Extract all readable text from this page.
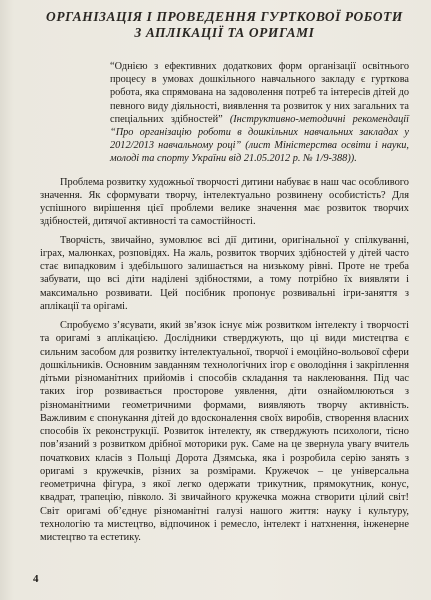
ОРГАНІЗАЦІЯ І ПРОВЕДЕННЯ ГУРТКОВОЇ РОБОТИ
З АПЛІКАЦІЇ ТА ОРИГАМІ
“Однією з ефективних додаткових форм організації освітнього процесу в умовах дошкільного навчального закладу є гурткова робота, яка спрямована на задоволення потреб та інтересів дітей до певного виду діяльності, виявлення та розвиток у них загальних та спеціальних здібностей” (Інструктивно-методичні рекомендації “Про організацію роботи в дошкільних навчальних закладах у 2012/2013 навчальному році” (лист Міністерства освіти і науки, молоді та спорту України від 21.05.2012 р. № 1/9-388)).

Проблема розвитку художньої творчості дитини набуває в наш час особливого значення. Як сформувати творчу, інтелектуально розвинену особистість? Для успішного вирішення цієї проблеми велике значення має розвиток творчих здібностей, дитячої активності та самостійності.

Творчість, звичайно, зумовлює всі дії дитини, оригінальної у спілкуванні, іграх, малюнках, розповідях. На жаль, розвиток творчих здібностей у дітей часто стає випадковим і здебільшого залишається на низькому рівні. Проте не треба забувати, що всі діти наділені здібностями, а тому потрібно їх виявляти і максимально розвивати. Цей посібник пропонує розвивальні ігри-заняття з аплікації та орігамі.

Спробуємо з’ясувати, який зв’язок існує між розвитком інтелекту і творчості та оригамі з аплікацією. Дослідники стверджують, що ці види мистецтва є сильним засобом для розвитку інтелектуальної, творчої і емоційно-вольової сфери дошкільників. Основним завданням технологічних ігор є оволодіння і закріплення дітьми різноманітних прийомів і способів складання та наклеювання. Під час таких ігор розвивається просторове уявлення, діти ознайомлюються з різноманітними геометричними формами, виявляють творчу активність. Важливим є спонукання дітей до вдосконалення своїх виробів, створення власних способів їх реконструкції. Розвиток інтелекту, як стверджують психологи, тісно пов’язаний з розвитком дрібної моторики рук. Саме на це звернула увагу вчитель початкових класів з Польщі Дорота Дзямська, яка і розробила серію занять з оригамі з кружечків, різних за розмірами. Кружечок – це універсальна геометрична фігура, з якої легко одержати трикутник, прямокутник, конус, квадрат, трапецію, півколо. Зі звичайного кружечка можна створити цілий світ! Світ оригамі об’єднує різноманітні галузі нашого життя: науку і культуру, технологію та мистецтво, відпочинок і ремесло, інтелект і натхнення, інженерне мистецтво та естетику.

4
